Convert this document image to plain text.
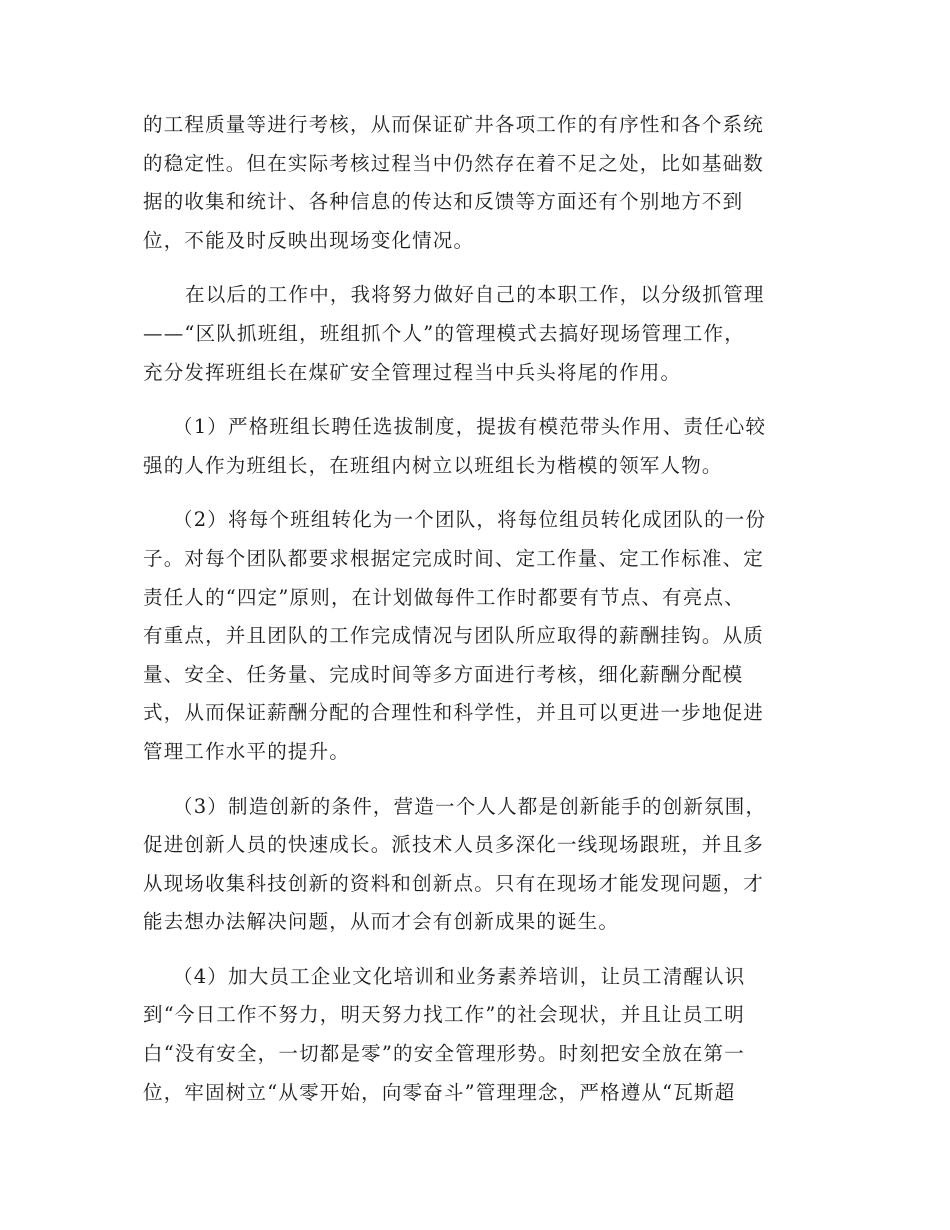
的工程质量等进行考核，从而保证矿井各项工作的有序性和各个系统
的稳定性。但在实际考核过程当中仍然存在着不足之处，比如基础数
据的收集和统计、各种信息的传达和反馈等方面还有个别地方不到
位，不能及时反映出现场变化情况。

在以后的工作中，我将努力做好自己的本职工作，以分级抓管理
——“区队抓班组，班组抓个人”的管理模式去搞好现场管理工作，
充分发挥班组长在煤矿安全管理过程当中兵头将尾的作用。

（1）严格班组长聘任选拔制度，提拔有模范带头作用、责任心较
强的人作为班组长，在班组内树立以班组长为楷模的领军人物。

（2）将每个班组转化为一个团队，将每位组员转化成团队的一份
子。对每个团队都要求根据定完成时间、定工作量、定工作标准、定
责任人的“四定”原则，在计划做每件工作时都要有节点、有亮点、
有重点，并且团队的工作完成情况与团队所应取得的薪酬挂钩。从质
量、安全、任务量、完成时间等多方面进行考核，细化薪酬分配模
式，从而保证薪酬分配的合理性和科学性，并且可以更进一步地促进
管理工作水平的提升。

（3）制造创新的条件，营造一个人人都是创新能手的创新氛围，
促进创新人员的快速成长。派技术人员多深化一线现场跟班，并且多
从现场收集科技创新的资料和创新点。只有在现场才能发现问题，才
能去想办法解决问题，从而才会有创新成果的诞生。

（4）加大员工企业文化培训和业务素养培训，让员工清醒认识
到“今日工作不努力，明天努力找工作”的社会现状，并且让员工明
白“没有安全，一切都是零”的安全管理形势。时刻把安全放在第一
位，牢固树立“从零开始，向零奋斗”管理理念，严格遵从“瓦斯超
